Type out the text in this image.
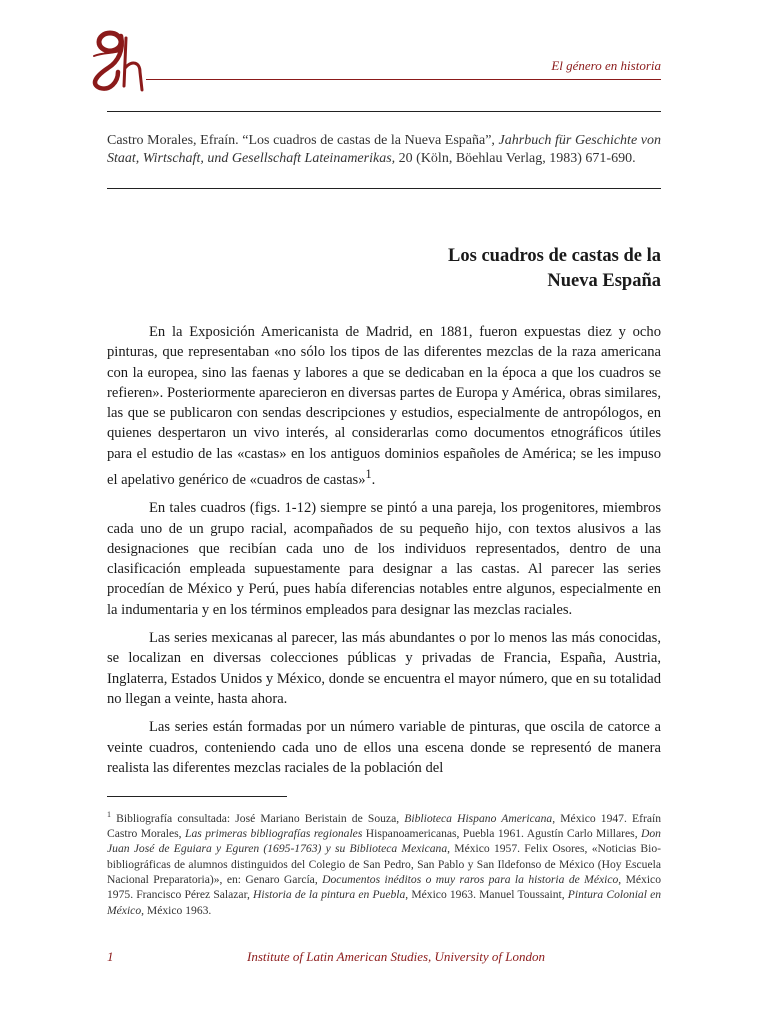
El género en historia
Castro Morales, Efraín. “Los cuadros de castas de la Nueva España”, Jahrbuch für Geschichte von Staat, Wirtschaft, und Gesellschaft Lateinamerikas, 20 (Köln, Böehlau Verlag, 1983) 671-690.
Los cuadros de castas de la
Nueva España

En la Exposición Americanista de Madrid, en 1881, fueron expuestas diez y ocho pinturas, que representaban «no sólo los tipos de las diferentes mezclas de la raza americana con la europea, sino las faenas y labores a que se dedicaban en la época a que los cuadros se refieren». Posteriormente aparecieron en diversas partes de Europa y América, obras similares, las que se publicaron con sendas descripciones y estudios, especialmente de antropólogos, en quienes despertaron un vivo interés, al considerarlas como documentos etnográficos útiles para el estudio de las «castas» en los antiguos dominios españoles de América; se les impuso el apelativo genérico de «cuadros de castas»$^1$.

En tales cuadros (figs. 1-12) siempre se pintó a una pareja, los progenitores, miembros cada uno de un grupo racial, acompañados de su pequeño hijo, con textos alusivos a las designaciones que recibían cada uno de los individuos representados, dentro de una clasificación empleada supuestamente para designar a las castas. Al parecer las series procedían de México y Perú, pues había diferencias notables entre algunos, especialmente en la indumentaria y en los términos empleados para designar las mezclas raciales.

Las series mexicanas al parecer, las más abundantes o por lo menos las más conocidas, se localizan en diversas colecciones públicas y privadas de Francia, España, Austria, Inglaterra, Estados Unidos y México, donde se encuentra el mayor número, que en su totalidad no llegan a veinte, hasta ahora.

Las series están formadas por un número variable de pinturas, que oscila de catorce a veinte cuadros, conteniendo cada uno de ellos una escena donde se representó de manera realista las diferentes mezclas raciales de la población del

$^1$ Bibliografía consultada: José Mariano Beristain de Souza, Biblioteca Hispano Americana, México 1947. Efraín Castro Morales, Las primeras bibliografías regionales Hispanoamericanas, Puebla 1961. Agustín Carlo Millares, Don Juan José de Eguiara y Eguren (1695-1763) y su Biblioteca Mexicana, México 1957. Felix Osores, «Noticias Bio-bibliográficas de alumnos distinguidos del Colegio de San Pedro, San Pablo y San Ildefonso de México (Hoy Escuela Nacional Preparatoria)», en: Genaro García, Documentos inéditos o muy raros para la historia de México, México 1975. Francisco Pérez Salazar, Historia de la pintura en Puebla, México 1963. Manuel Toussaint, Pintura Colonial en México, México 1963.
1	Institute of Latin American Studies, University of London
